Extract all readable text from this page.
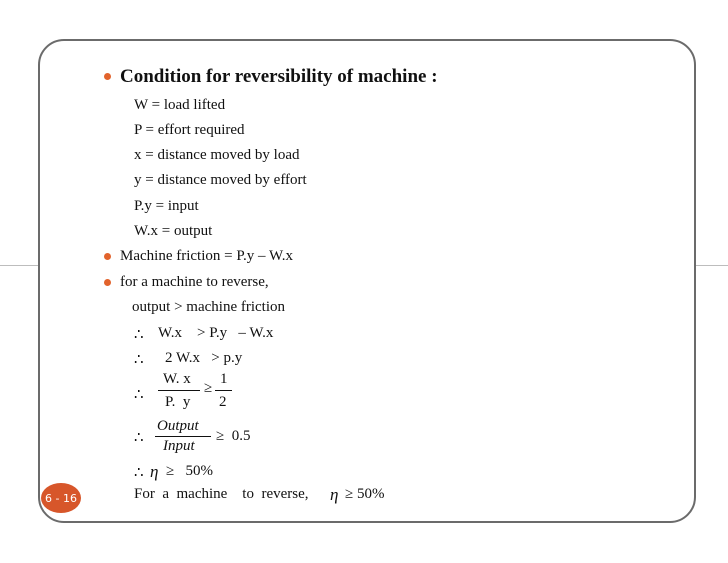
Condition for reversibility of machine :
W = load lifted
P = effort required
x = distance moved by load
y = distance moved by effort
P.y = input
W.x = output
Machine friction = P.y – W.x
for a machine to reverse,
output > machine friction
∴ W.x    > P.y   – W.x
∴ 2 W.x   > p.y
∴
W. x
P.  y
≥
1
2
∴
Output
Input
≥  0.5
∴ η ≥   50%
For  a  machine    to  reverse, η ≥ 50%
6 - 16
